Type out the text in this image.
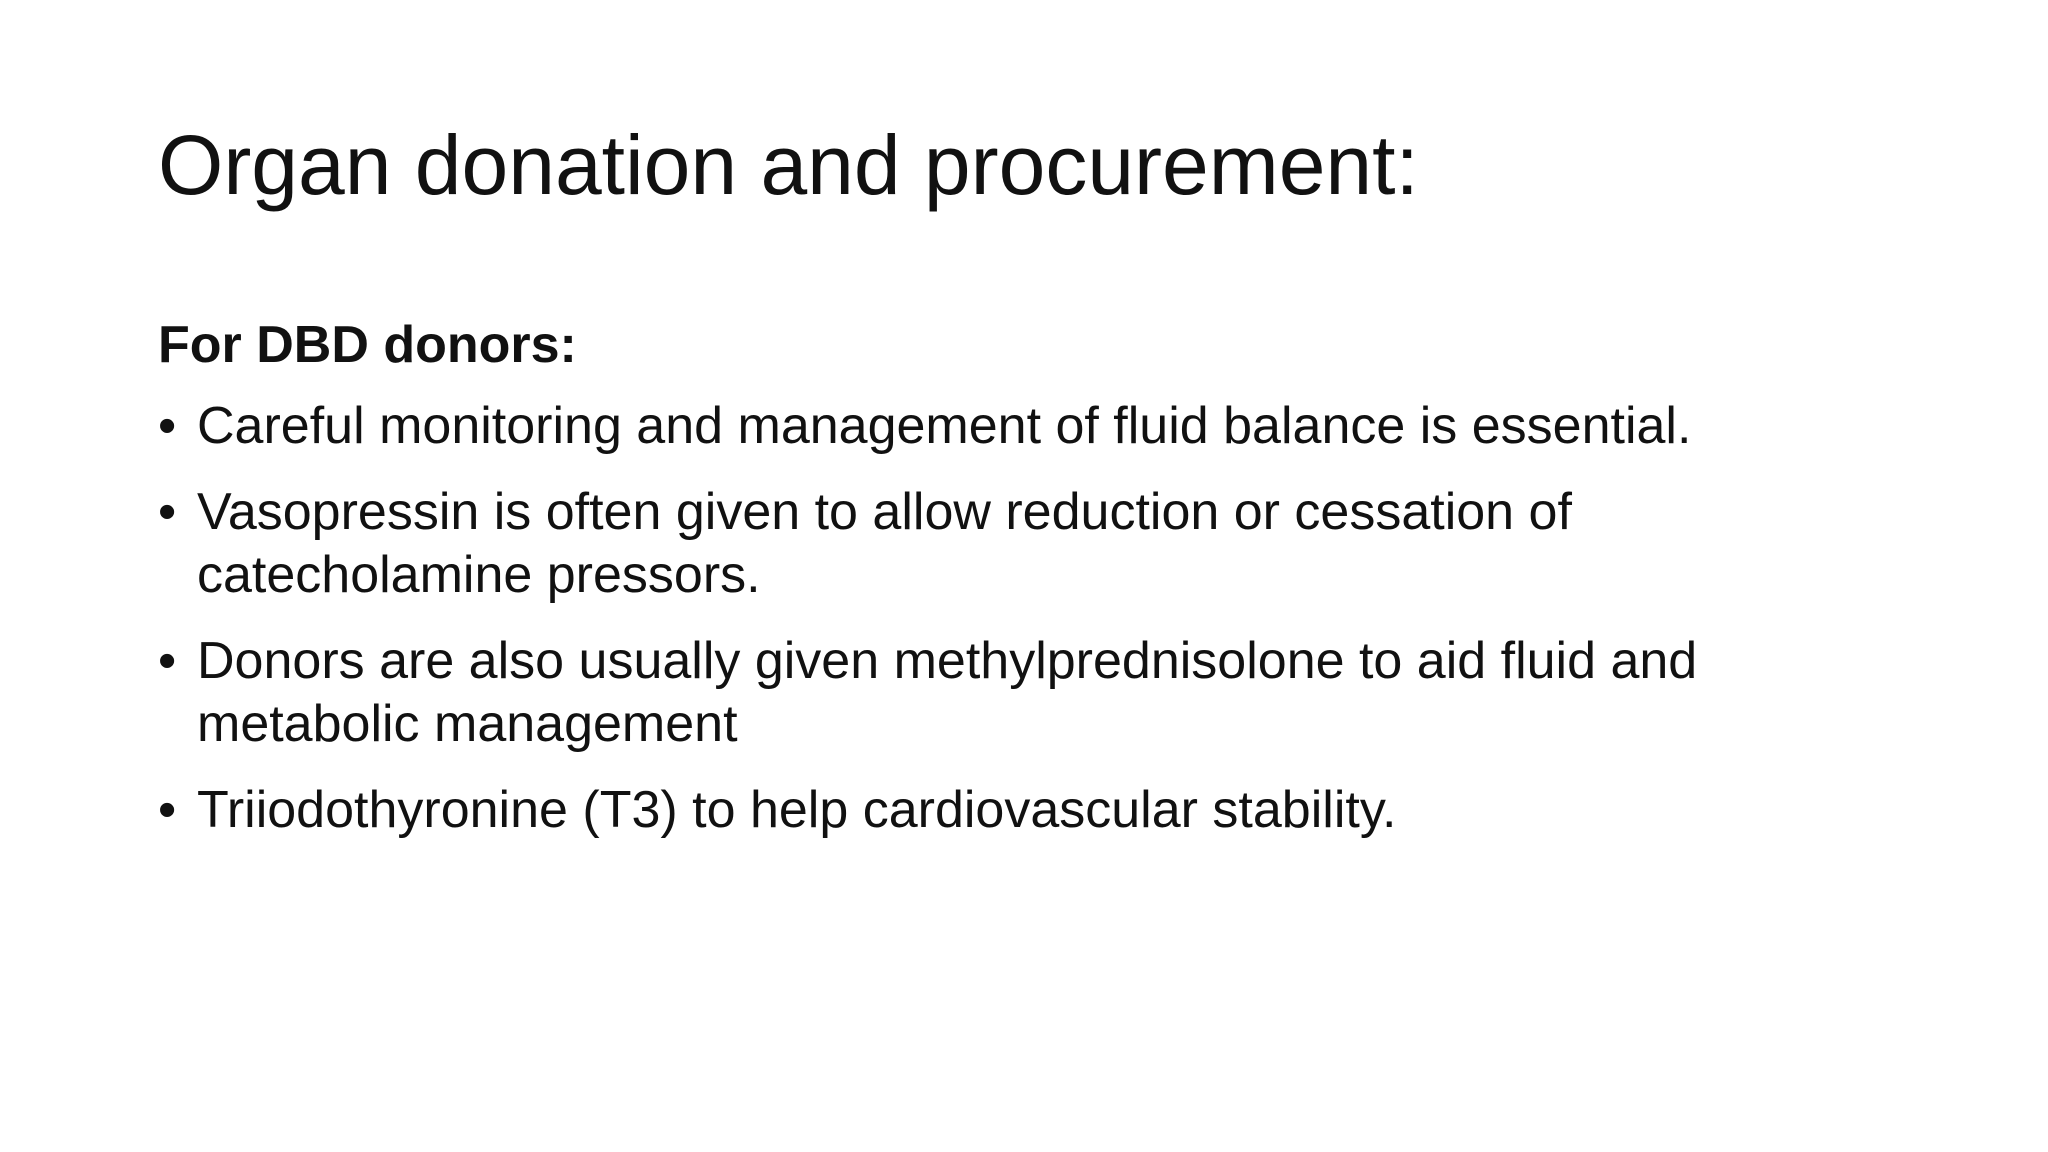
Organ donation and procurement:
For DBD donors:
• Careful monitoring and management of fluid balance is essential.
• Vasopressin is often given to allow reduction or cessation of catecholamine pressors.
• Donors are also usually given methylprednisolone to aid fluid and metabolic management
• Triiodothyronine (T3) to help cardiovascular stability.
